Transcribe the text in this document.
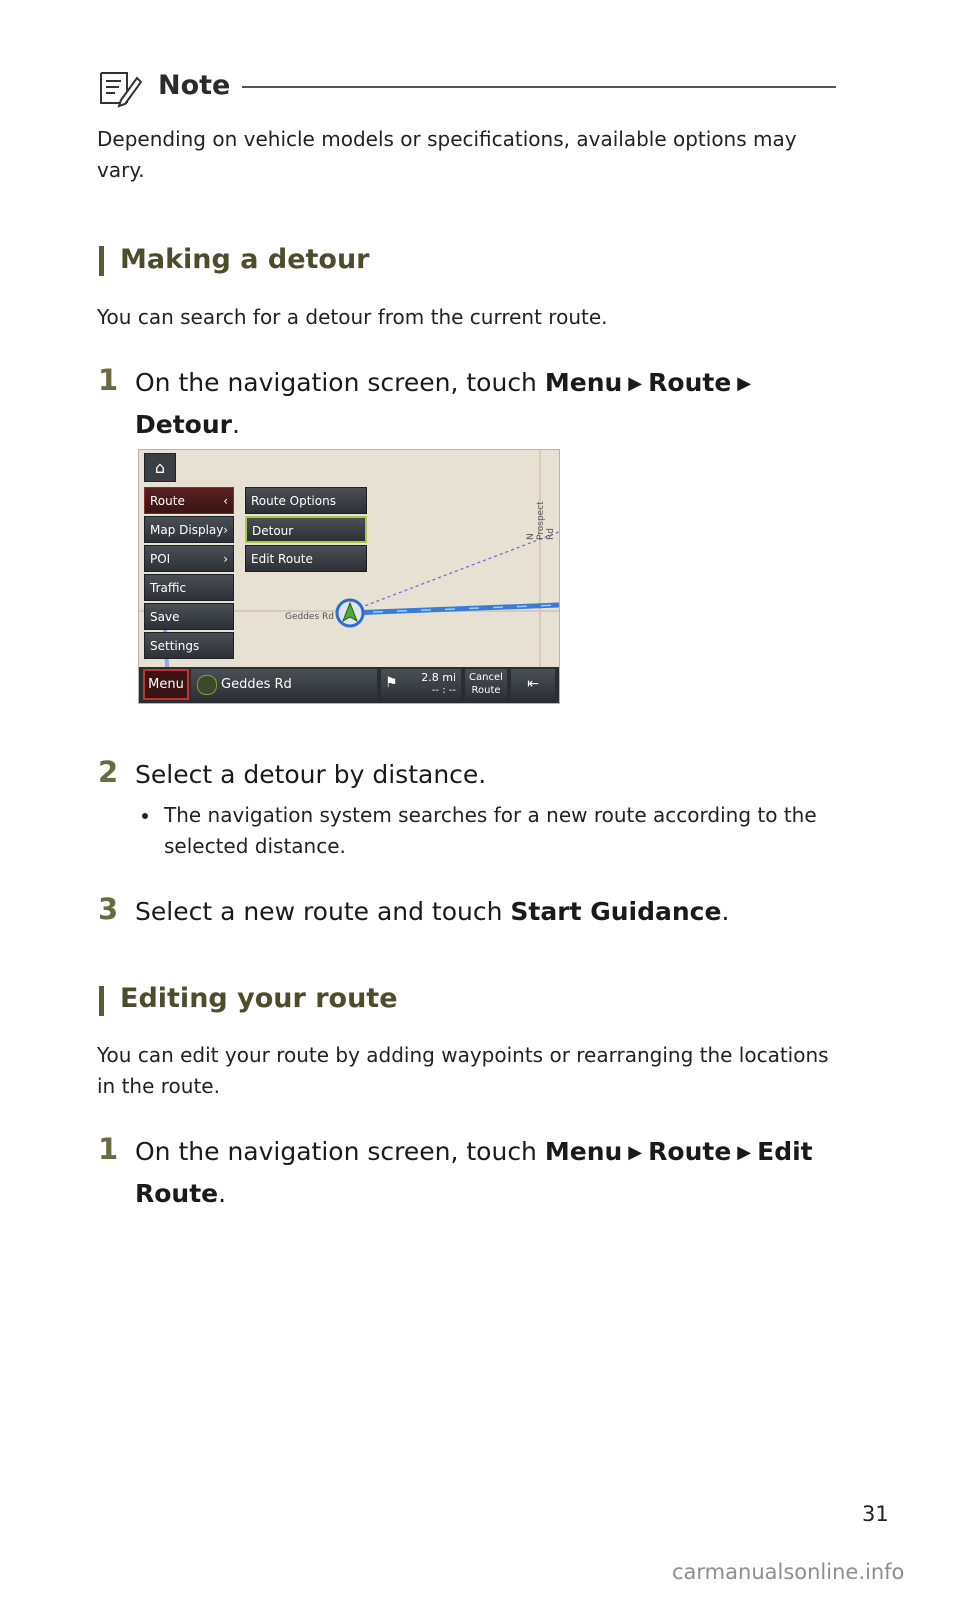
Note
Depending on vehicle models or specifications, available options may vary.
Making a detour
You can search for a detour from the current route.
1 On the navigation screen, touch Menu ▶ Route ▶
Detour.
N Prospect Rd
Geddes Rd
⌂
Route	‹
Map Display ›
POI	›
Traffic
Save
Settings
Route Options
Detour
Edit Route
Menu	Geddes Rd	⚑ 2.8 mi
-- : --
Cancel
Route	⇤
2 Select a detour by distance.
The navigation system searches for a new route according to the selected distance.
3 Select a new route and touch Start Guidance.
Editing your route
You can edit your route by adding waypoints or rearranging the locations in the route.
1 On the navigation screen, touch Menu ▶ Route ▶ Edit Route.
31
carmanualsonline.info
